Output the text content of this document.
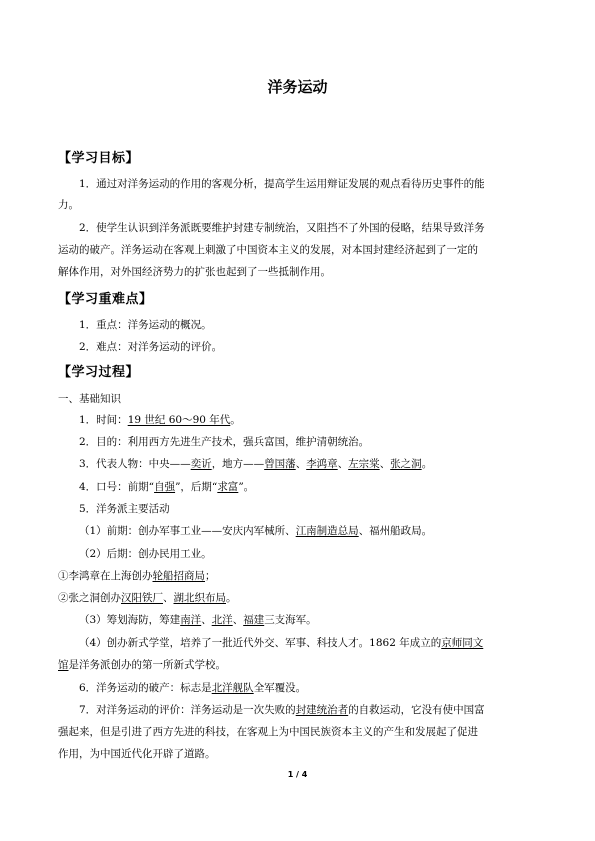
洋务运动
【学习目标】
1．通过对洋务运动的作用的客观分析，提高学生运用辩证发展的观点看待历史事件的能
力。
2．使学生认识到洋务派既要维护封建专制统治，又阻挡不了外国的侵略，结果导致洋务
运动的破产。洋务运动在客观上刺激了中国资本主义的发展，对本国封建经济起到了一定的
解体作用，对外国经济势力的扩张也起到了一些抵制作用。
【学习重难点】
1．重点：洋务运动的概况。
2．难点：对洋务运动的评价。
【学习过程】
一、基础知识
1．时间：19 世纪 60～90 年代。
2．目的：利用西方先进生产技术，强兵富国，维护清朝统治。
3．代表人物：中央——奕䜣，地方——曾国藩、李鸿章、左宗棠、张之洞。
4．口号：前期“自强”，后期“求富”。
5．洋务派主要活动
（1）前期：创办军事工业——安庆内军械所、江南制造总局、福州船政局。
（2）后期：创办民用工业。
①李鸿章在上海创办轮船招商局；
②张之洞创办汉阳铁厂、湖北织布局。
（3）筹划海防，筹建南洋、北洋、福建三支海军。
（4）创办新式学堂，培养了一批近代外交、军事、科技人才。1862 年成立的京师同文
馆是洋务派创办的第一所新式学校。
6．洋务运动的破产：标志是北洋舰队全军覆没。
7．对洋务运动的评价：洋务运动是一次失败的封建统治者的自救运动，它没有使中国富
强起来，但是引进了西方先进的科技，在客观上为中国民族资本主义的产生和发展起了促进
作用，为中国近代化开辟了道路。
1 / 4
